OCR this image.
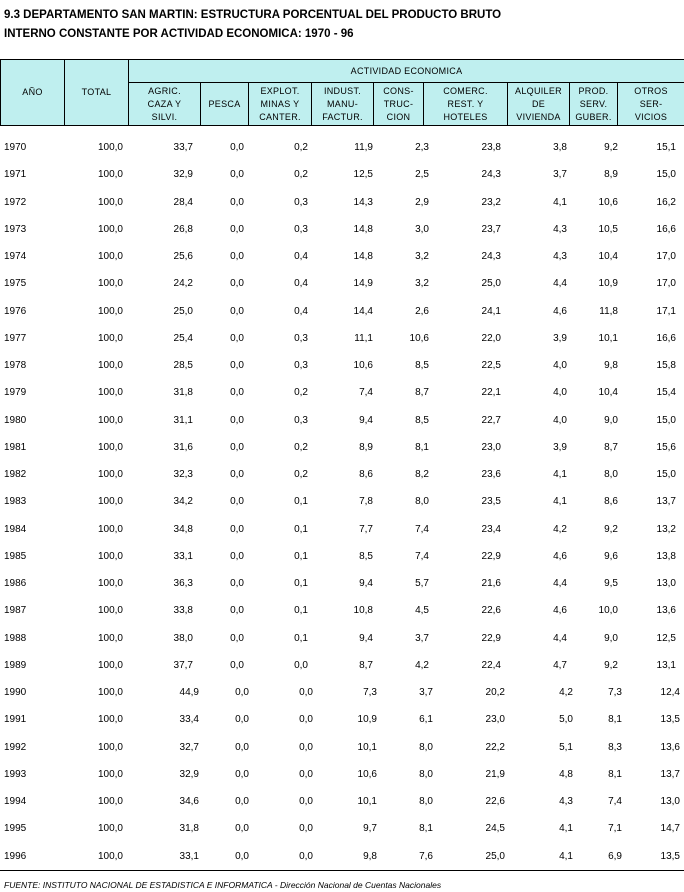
9.3 DEPARTAMENTO SAN MARTIN: ESTRUCTURA PORCENTUAL DEL PRODUCTO BRUTO
INTERNO CONSTANTE POR ACTIVIDAD ECONOMICA: 1970 - 96
AÑO	TOTAL	ACTIVIDAD ECONOMICA								

		AGRIC.
CAZA Y
SILVI.	PESCA	EXPLOT.
MINAS Y
CANTER.	INDUST.
MANU-
FACTUR.	CONS-
TRUC-
CION	COMERC.
REST. Y
HOTELES	ALQUILER
DE
VIVIENDA	PROD.
SERV.
GUBER.	OTROS
SER-
VICIOS
1970	100,0	33,7	0,0	0,2	11,9	2,3	23,8	3,8	9,2	15,1
1971	100,0	32,9	0,0	0,2	12,5	2,5	24,3	3,7	8,9	15,0
1972	100,0	28,4	0,0	0,3	14,3	2,9	23,2	4,1	10,6	16,2
1973	100,0	26,8	0,0	0,3	14,8	3,0	23,7	4,3	10,5	16,6
1974	100,0	25,6	0,0	0,4	14,8	3,2	24,3	4,3	10,4	17,0
1975	100,0	24,2	0,0	0,4	14,9	3,2	25,0	4,4	10,9	17,0
1976	100,0	25,0	0,0	0,4	14,4	2,6	24,1	4,6	11,8	17,1
1977	100,0	25,4	0,0	0,3	11,1	10,6	22,0	3,9	10,1	16,6
1978	100,0	28,5	0,0	0,3	10,6	8,5	22,5	4,0	9,8	15,8
1979	100,0	31,8	0,0	0,2	7,4	8,7	22,1	4,0	10,4	15,4
1980	100,0	31,1	0,0	0,3	9,4	8,5	22,7	4,0	9,0	15,0
1981	100,0	31,6	0,0	0,2	8,9	8,1	23,0	3,9	8,7	15,6
1982	100,0	32,3	0,0	0,2	8,6	8,2	23,6	4,1	8,0	15,0
1983	100,0	34,2	0,0	0,1	7,8	8,0	23,5	4,1	8,6	13,7
1984	100,0	34,8	0,0	0,1	7,7	7,4	23,4	4,2	9,2	13,2
1985	100,0	33,1	0,0	0,1	8,5	7,4	22,9	4,6	9,6	13,8
1986	100,0	36,3	0,0	0,1	9,4	5,7	21,6	4,4	9,5	13,0
1987	100,0	33,8	0,0	0,1	10,8	4,5	22,6	4,6	10,0	13,6
1988	100,0	38,0	0,0	0,1	9,4	3,7	22,9	4,4	9,0	12,5
1989	100,0	37,7	0,0	0,0	8,7	4,2	22,4	4,7	9,2	13,1
1990	100,0	44,9	0,0	0,0	7,3	3,7	20,2	4,2	7,3	12,4
1991	100,0	33,4	0,0	0,0	10,9	6,1	23,0	5,0	8,1	13,5
1992	100,0	32,7	0,0	0,0	10,1	8,0	22,2	5,1	8,3	13,6
1993	100,0	32,9	0,0	0,0	10,6	8,0	21,9	4,8	8,1	13,7
1994	100,0	34,6	0,0	0,0	10,1	8,0	22,6	4,3	7,4	13,0
1995	100,0	31,8	0,0	0,0	9,7	8,1	24,5	4,1	7,1	14,7
1996	100,0	33,1	0,0	0,0	9,8	7,6	25,0	4,1	6,9	13,5
FUENTE: INSTITUTO NACIONAL DE ESTADISTICA E INFORMATICA - Dirección Nacional de Cuentas Nacionales
